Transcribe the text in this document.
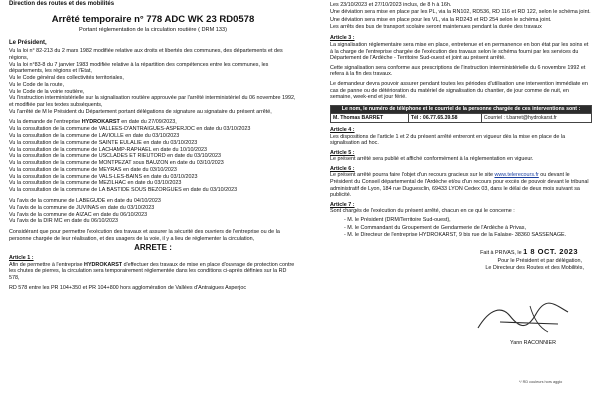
Direction des routes et des mobilités

Arrêté temporaire n° 778 ADC WK 23 RD0578

Portant réglementation de la circulation routière ( DRM 133)

Le Président,

Vu la loi n° 82-213 du 2 mars 1982 modifiée relative aux droits et libertés des communes, des départements et des régions,

Vu la loi n°83-8 du 7 janvier 1983 modifiée relative à la répartition des compétences entre les communes, les départements, les régions et l'Etat,

Vu le Code général des collectivités territoriales,

Vu le Code de la route,

Vu le Code de la voirie routière,

Vu l'instruction interministérielle sur la signalisation routière approuvée par l'arrêté interministériel du 06 novembre 1992, et modifiée par les textes subséquents,

Vu l'arrêté de M le Président du Département portant délégations de signature au signataire du présent arrêté,

Vu la demande de l'entreprise HYDROKARST en date du 27/09/2023,

Vu la consultation de la commune de VALLEES-D'ANTRAIGUES-ASPERJOC en date du 03/10/2023

Vu la consultation de la commune de LAVIOLLE en date du 03/10/2023

Vu la consultation de la commune de SAINTE EULALIE en date du 03/10/2023

Vu la consultation de la commune de LACHAMP-RAPHAEL en date du 10/10/2023

Vu la consultation de la commune de USCLADES ET RIEUTORD en date du 03/10/2023

Vu la consultation de la commune de MONTPEZAT sous BAUZON en date du 03/10/2023

Vu la consultation de la commune de MEYRAS en date du 03/10/2023

Vu la consultation de la commune de VALS-LES-BAINS en date du 03/10/2023

Vu la consultation de la commune de MEZILHAC en date du 03/10/2023

Vu la consultation de la commune de LA BASTIDE SOUS BEZORGUES en date du 03/10/2023

Vu l'avis de la commune de LABEGUDE en date du 04/10/2023

Vu l'avis de la commune de JUVINAS en date du 03/10/2023

Vu l'avis de la commune de AIZAC en date du 06/10/2023

Vu l'avis de la DIR MC en date du 06/10/2023

Considérant que pour permettre l'exécution des travaux et assurer la sécurité des ouvriers de l'entreprise ou de la personne chargée de leur réalisation, et des usagers de la voie, il y a lieu de réglementer la circulation,

ARRETE :

Article 1 :

Afin de permettre à l'entreprise HYDROKARST d'effectuer des travaux de mise en place d'ouvrage de protection contre les chutes de pierres, la circulation sera temporairement réglementée dans les conditions ci-après définies sur la RD 578,

RD 578 entre les PR 104+350 et PR 104+800 hors agglomération de Vallées d'Antraigues Asperjoc

Les 23/10/2023 et 27/10/2023 inclus, de 8 h à 16h.

Une déviation sera mise en place par les PL, via la RN102, RD536, RD 116 et RD 122, selon le schéma joint.

Une déviation sera mise en place pour les VL, via la RD243 et RD 254 selon le schéma joint.

Les arrêts des bus de transport scolaire seront maintenues pendant la durée des travaux

Article 3 :

La signalisation réglementaire sera mise en place, entretenue et en permanence en bon état par les soins et à la charge de l'entreprise chargée de l'exécution des travaux selon le schéma fourni par les services du Département de l'Ardèche - Territoire Sud-ouest et joint au présent arrêté.

Cette signalisation sera conforme aux prescriptions de l'instruction interministérielle du 6 novembre 1992 et refera à la fin des travaux.

Le demandeur devra pouvoir assurer pendant toutes les périodes d'utilisation une intervention immédiate en cas de panne ou de détérioration du matériel de signalisation du chantier, de jour comme de nuit, en semaine, week-end et jour férié.

Le nom, le numéro de téléphone et le courriel de la personne chargée de ces interventions sont :
M. Thomas BARRET	Tél : 06.77.65.39.58	Courriel : t.barret@hydrokarst.fr

Article 4 :

Les dispositions de l'article 1 et 2 du présent arrêté entreront en vigueur dès la mise en place de la signalisation ad hoc.

Article 5 :

Le présent arrêté sera publié et affiché conformément à la réglementation en vigueur.

Article 6 :

Le présent arrêté pourra faire l'objet d'un recours gracieux sur le site www.telerecours.fr ou devant le Président du Conseil départemental de l'Ardèche et/ou d'un recours pour excès de pouvoir devant le tribunal administratif de Lyon, 184 rue Duguesclin, 69433 LYON Cedex 03, dans le délai de deux mois suivant sa publicité.

Article 7 :

Sont chargés de l'exécution du présent arrêté, chacun en ce qui le concerne :

- M. le Président (DRM/Territoire Sud-ouest),
- M. le Commandant du Groupement de Gendarmerie de l'Ardèche à Privas,
- M. le Directeur de l'entreprise HYDROKARST, 9 bis rue de la Falaise- 38360 SASSENAGE.

Fait à PRIVAS, le 1 8 OCT. 2023

Pour le Président et par délégation,

Le Directeur des Routes et des Mobilités,

Yann RACONNIER

*/ RD couleurs hors agglo
